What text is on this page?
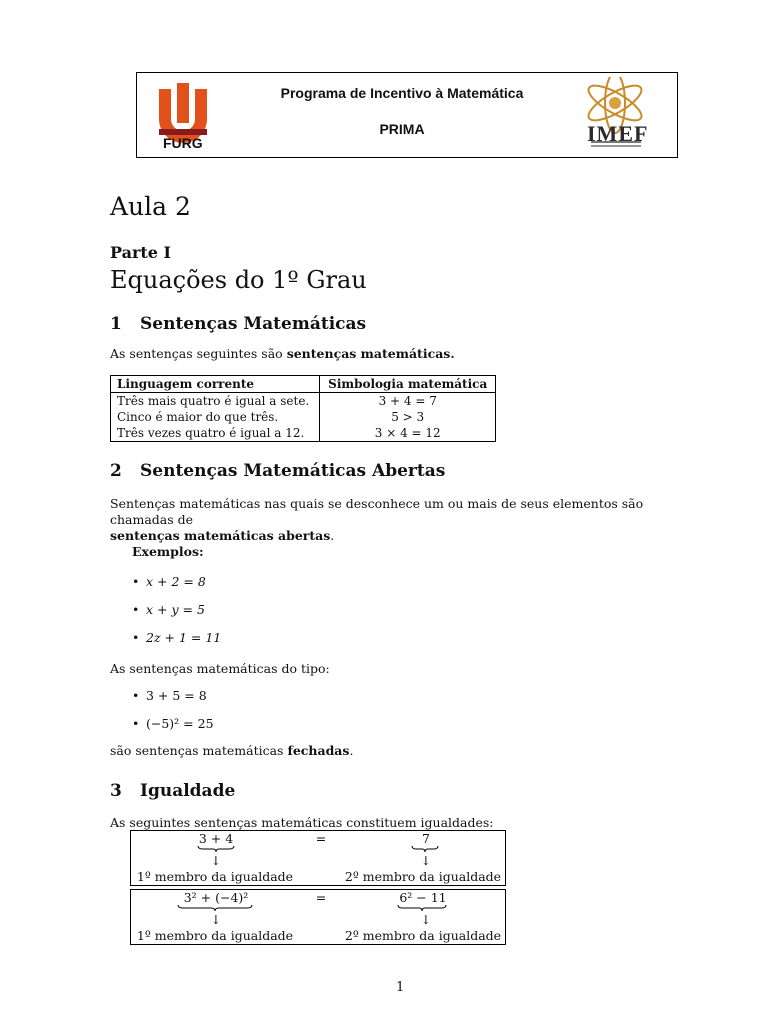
FURG
Programa de Incentivo à Matemática
PRIMA	IMEF
Aula 2
Parte I
Equações do 1º Grau
1 Sentenças Matemáticas
As sentenças seguintes são sentenças matemáticas.
Linguagem corrente	Simbologia matemática
Três mais quatro é igual a sete.	3 + 4 = 7
Cinco é maior do que três.	5 > 3
Três vezes quatro é igual a 12.	3 × 4 = 12
2 Sentenças Matemáticas Abertas
Sentenças matemáticas nas quais se desconhece um ou mais de seus elementos são chamadas de
sentenças matemáticas abertas.
Exemplos:
• x + 2 = 8
• x + y = 5
• 2z + 1 = 11
As sentenças matemáticas do tipo:
• 3 + 5 = 8
• (−5)² = 25
são sentenças matemáticas fechadas.
3 Igualdade
As seguintes sentenças matemáticas constituem igualdades:
3 + 4	=	7
↓	↓
1º membro da igualdade	2º membro da igualdade
3² + (−4)²	=	6² − 11
↓	↓
1º membro da igualdade	2º membro da igualdade
1
